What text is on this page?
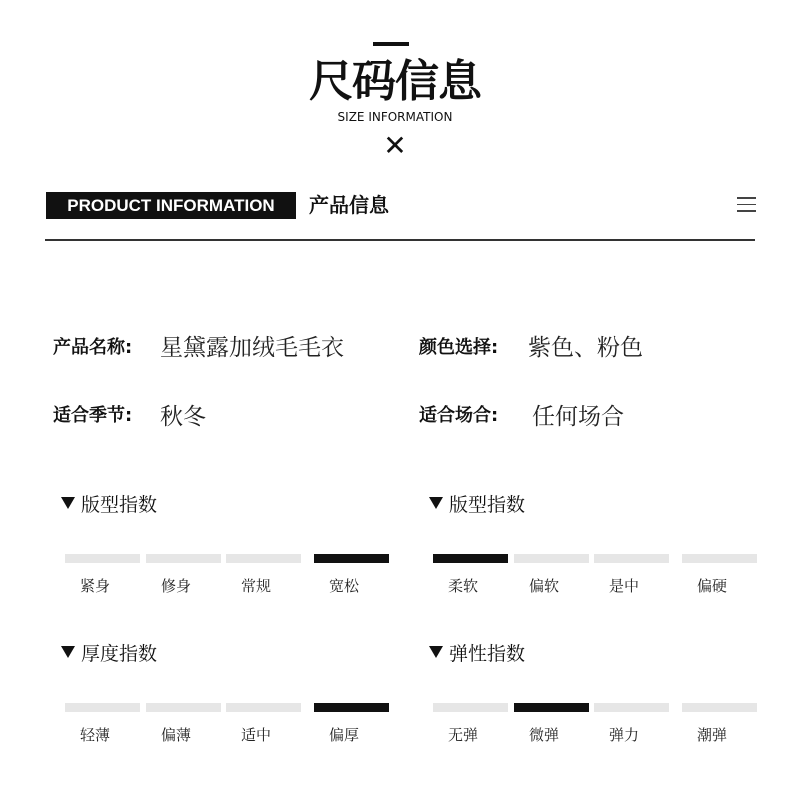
尺码信息
SIZE INFORMATION
✕
PRODUCT INFORMATION	产品信息
产品名称: 星黛露加绒毛毛衣	颜色选择: 紫色、粉色
适合季节: 秋冬	适合场合: 任何场合
版型指数	版型指数
厚度指数	弹性指数
紧身	修身	常规	宽松	柔软	偏软	是中	偏硬
轻薄	偏薄	适中	偏厚	无弹	微弹	弹力	潮弹
